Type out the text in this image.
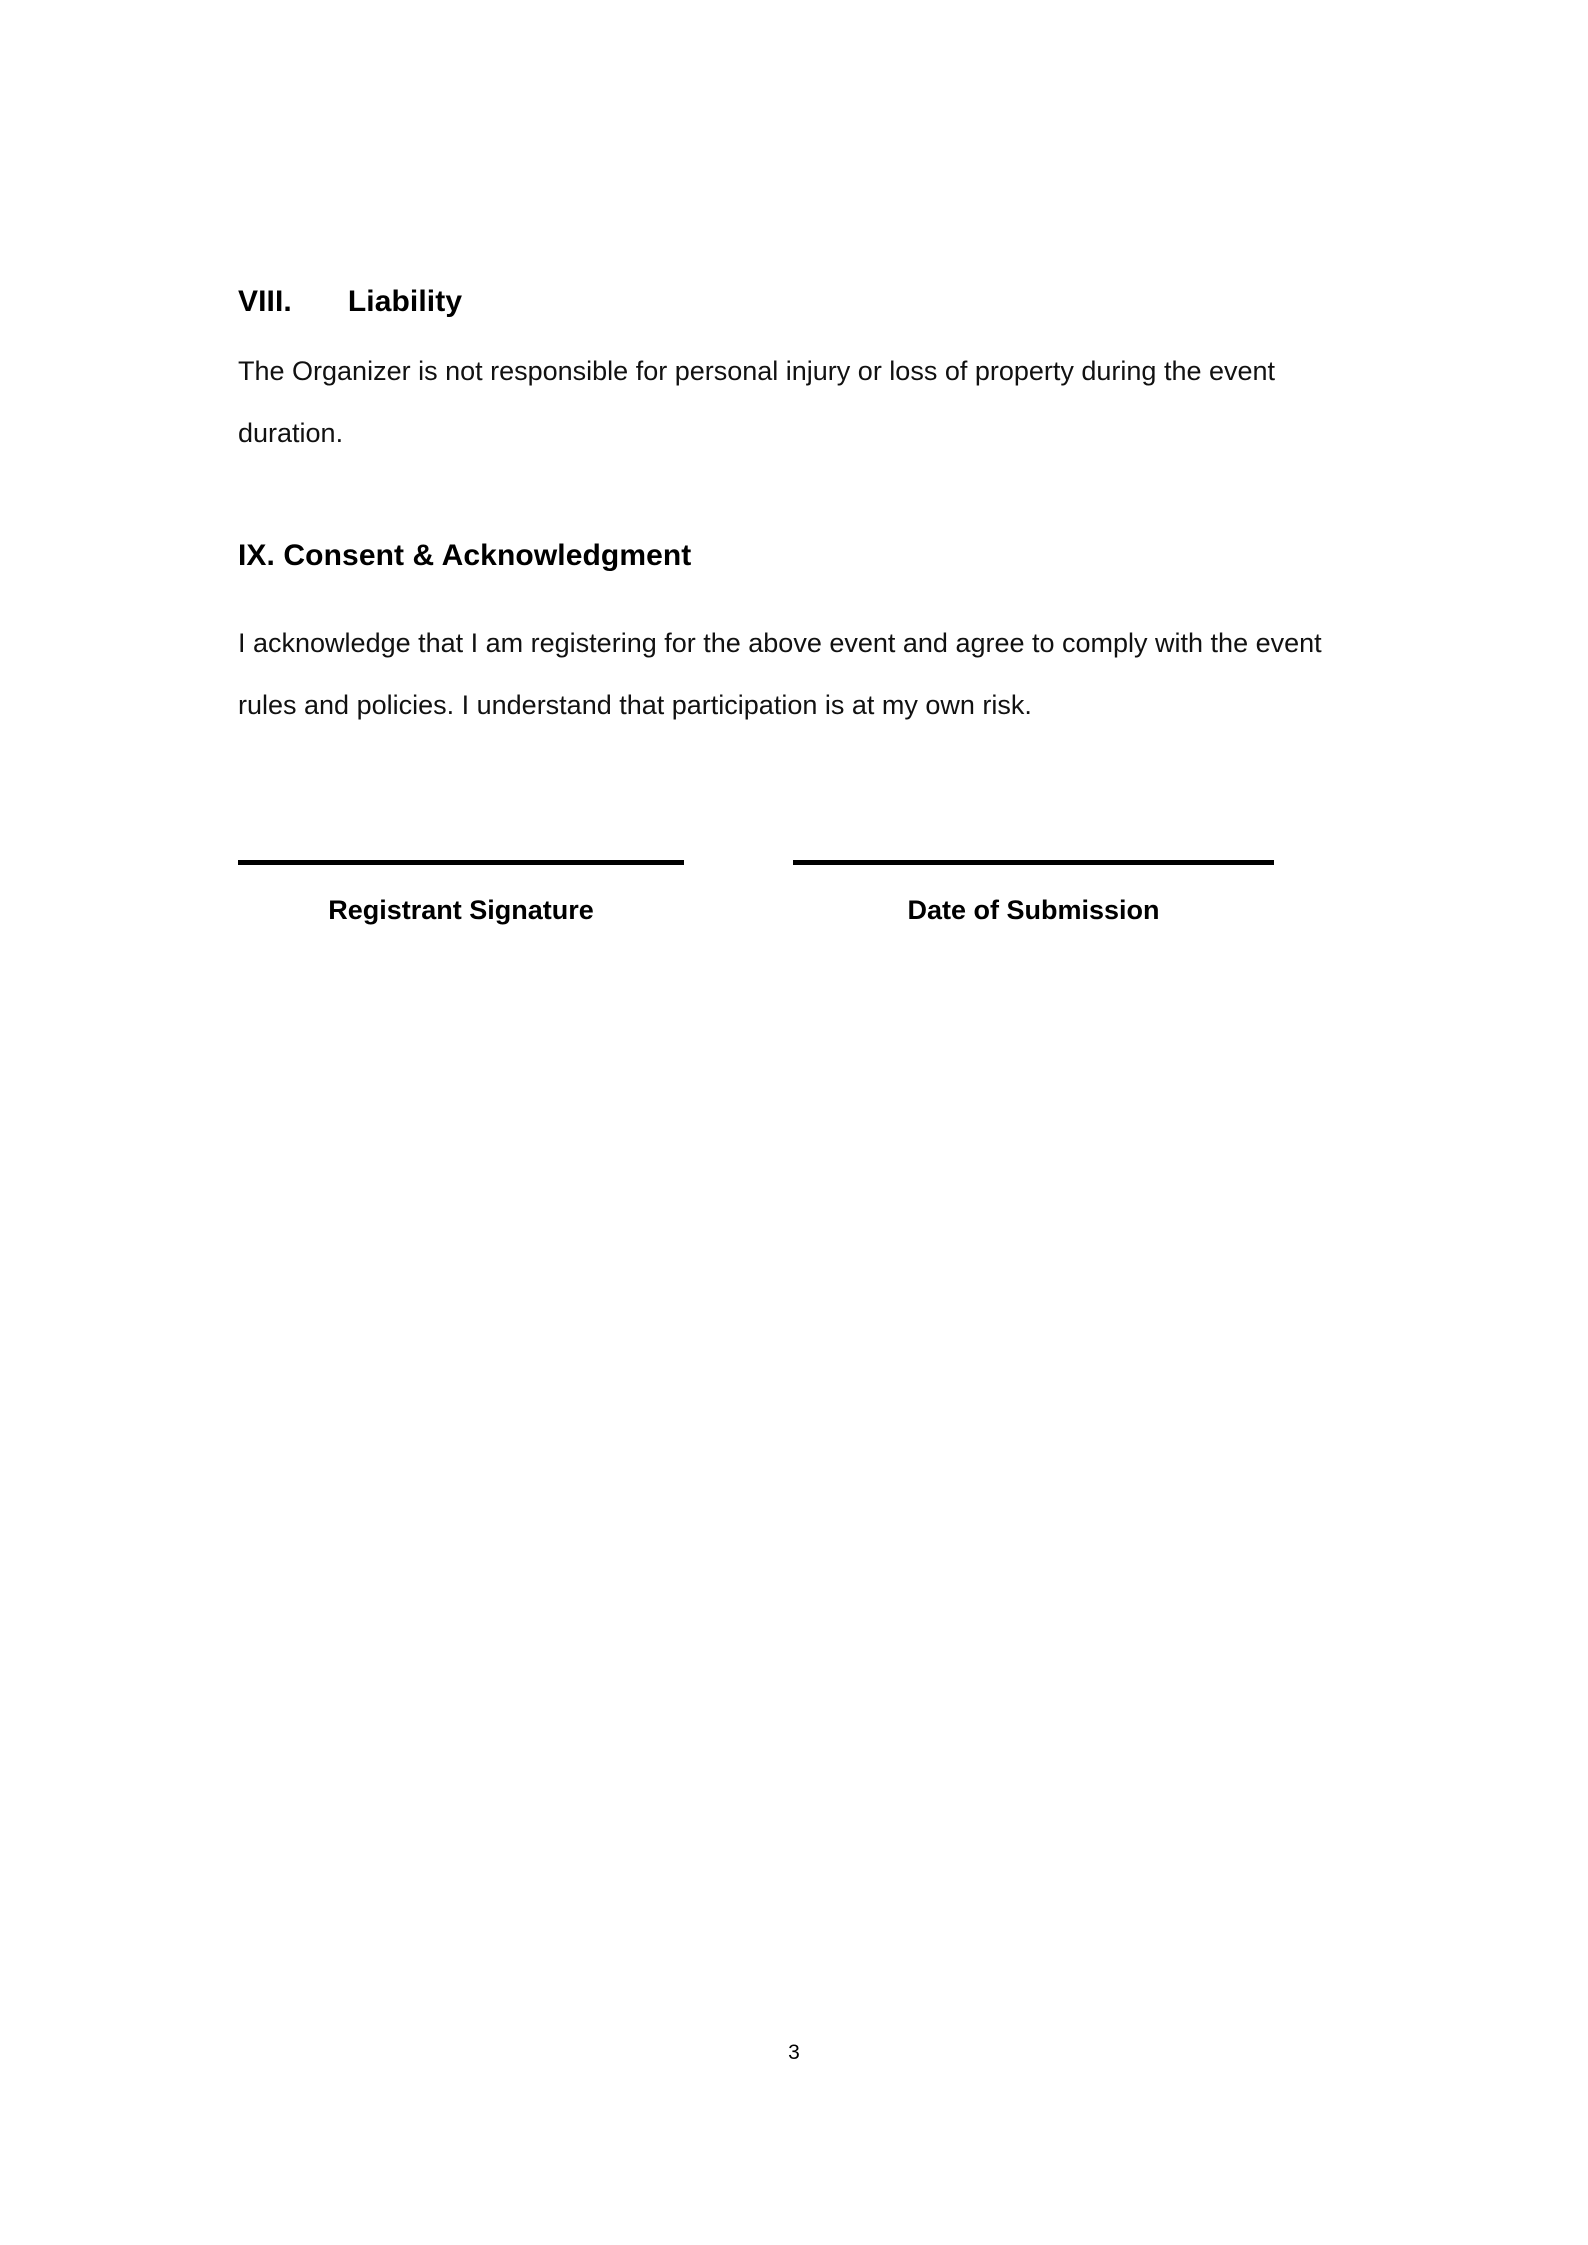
VIII. Liability

The Organizer is not responsible for personal injury or loss of property during the event duration.

IX. Consent & Acknowledgment

I acknowledge that I am registering for the above event and agree to comply with the event rules and policies. I understand that participation is at my own risk.

Registrant Signature	Date of Submission
3
